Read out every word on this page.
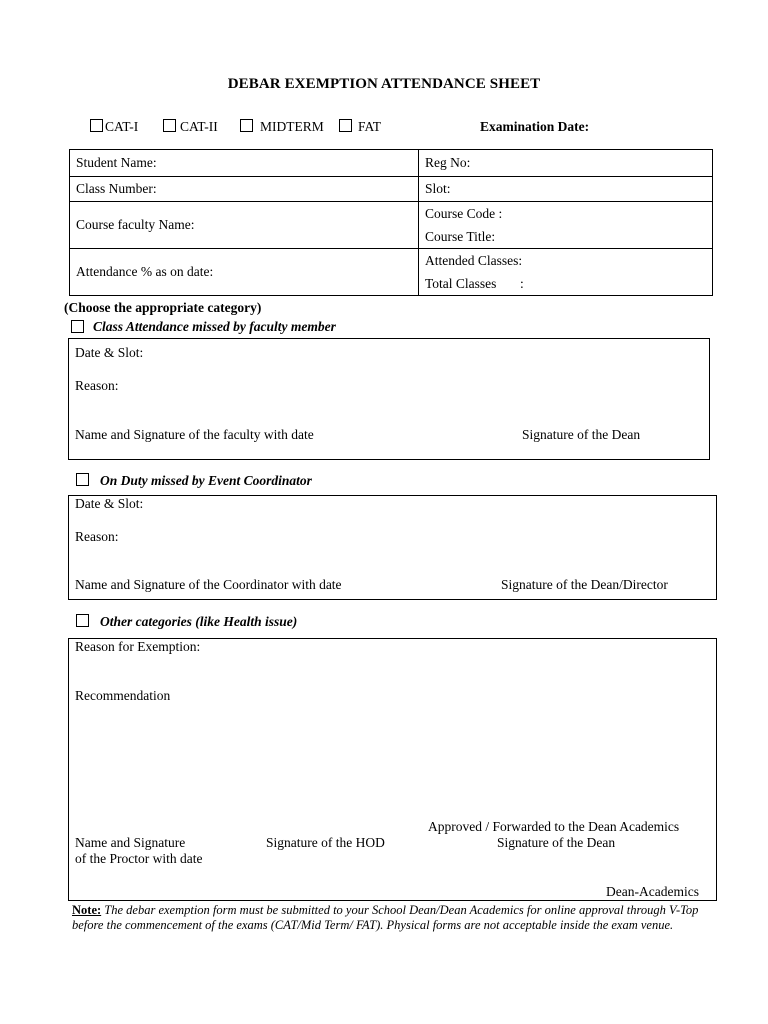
DEBAR EXEMPTION ATTENDANCE SHEET
CAT-I	CAT-II	MIDTERM	FAT	Examination Date:
Student Name:	Reg No:
Class Number:	Slot:
Course faculty Name:	Course Code :
Course Title:

Attendance % as on date:	Attended Classes:
Total Classes       :
(Choose the appropriate category)
Class Attendance missed by faculty member
Date & Slot:
Reason:
Name and Signature of the faculty with date	Signature of the Dean
On Duty missed by Event Coordinator
Date & Slot:
Reason:
Name and Signature of the Coordinator with date	Signature of the Dean/Director
Other categories (like Health issue)
Reason for Exemption:
Recommendation
Approved / Forwarded to the Dean Academics
Name and Signature
of the Proctor with date
Signature of the HOD	Signature of the Dean
Dean-Academics
Note: The debar exemption form must be submitted to your School Dean/Dean Academics for online approval through V-Top before the commencement of the exams (CAT/Mid Term/ FAT). Physical forms are not acceptable inside the exam venue.
